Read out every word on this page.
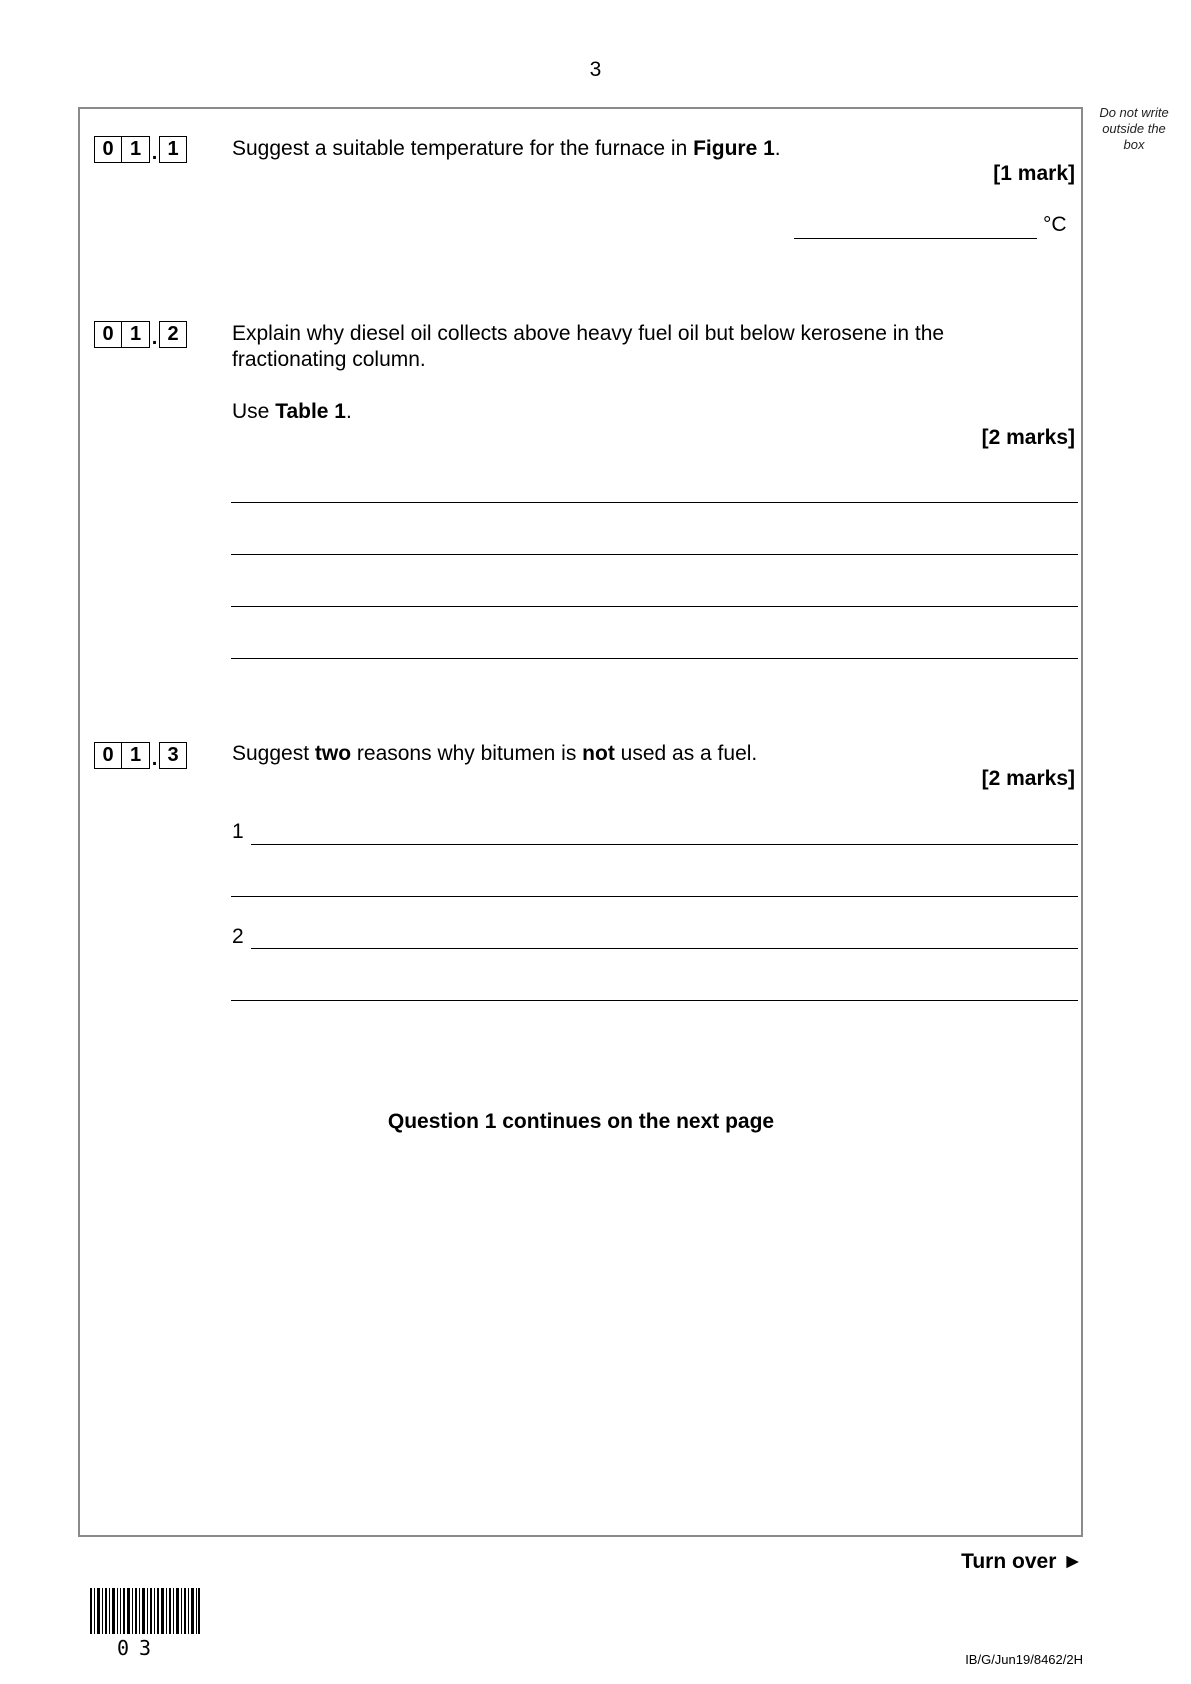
3
Do not write outside the box
0 1 . 1	Suggest a suitable temperature for the furnace in Figure 1.
[1 mark]
°C
0 1 . 2	Explain why diesel oil collects above heavy fuel oil but below kerosene in the
fractionating column.
Use Table 1.
[2 marks]
0 1 . 3	Suggest two reasons why bitumen is not used as a fuel.
[2 marks]
1
2
Question 1 continues on the next page
Turn over ►
03	IB/G/Jun19/8462/2H
